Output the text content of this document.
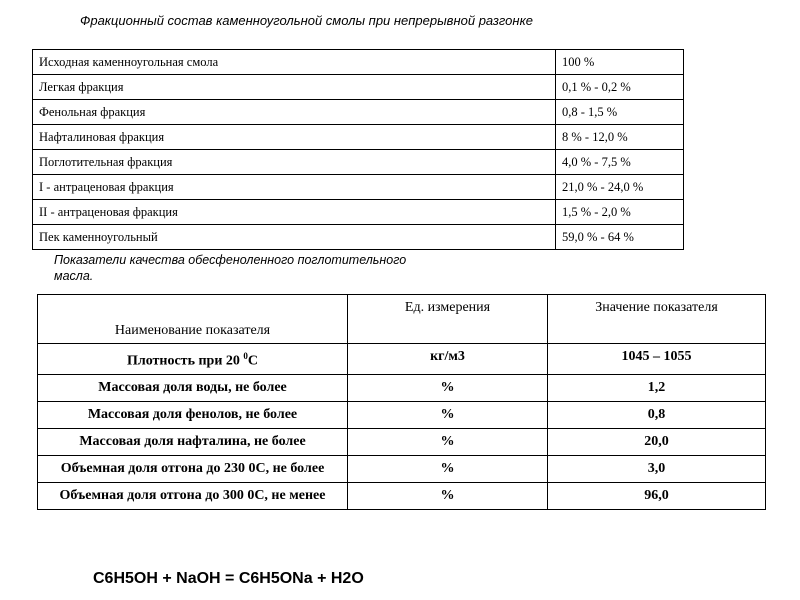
Фракционный состав каменноугольной смолы при непрерывной разгонке
Исходная каменноугольная смола	100 %
Легкая фракция	0,1 % - 0,2 %
Фенольная фракция	0,8 - 1,5 %
Нафталиновая фракция	8 % - 12,0 %
Поглотительная фракция	4,0 % - 7,5 %
I - антраценовая фракция	21,0 % - 24,0 %
II - антраценовая фракция	1,5 % - 2,0 %
Пек каменноугольный	59,0 % - 64 %
Показатели качества обесфеноленного поглотительного масла.
Наименование показателя	Ед. измерения	Значение показателя
Плотность при 20 $^0$С	кг/м3	1045 – 1055
Массовая доля воды, не более	%	1,2
Массовая доля фенолов, не более	%	0,8
Массовая доля нафталина, не более	%	20,0
Объемная доля отгона до 230 0С, не более	%	3,0
Объемная доля отгона до 300 0С, не менее	%	96,0
C6H5OH + NaOH = C6H5ONa + H2O
